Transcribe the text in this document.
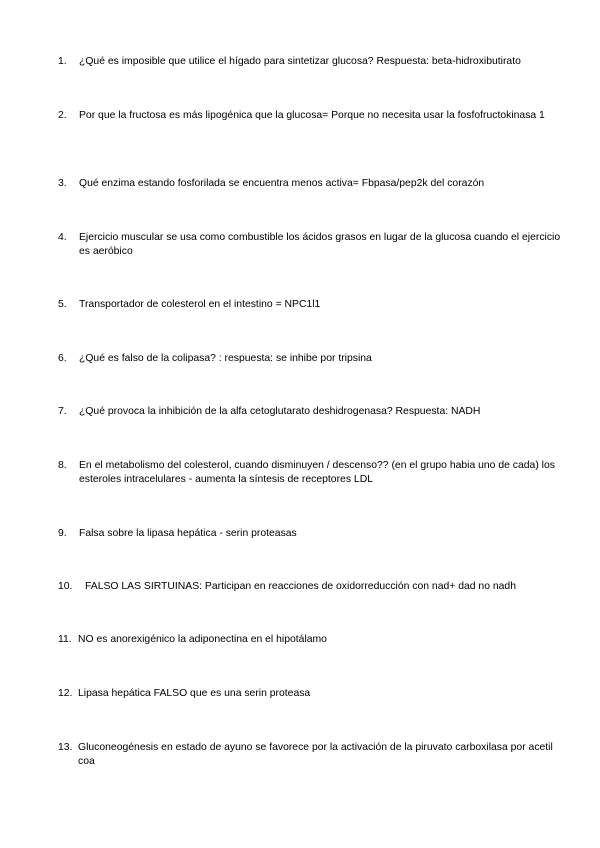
1. ¿Qué es imposible que utilice el hígado para sintetizar glucosa? Respuesta: beta-hidroxibutirato
2. Por que la fructosa es más lipogénica que la glucosa= Porque no necesita usar la fosfofructokinasa 1
3. Qué enzima estando fosforilada se encuentra menos activa= Fbpasa/pep2k del corazón
4. Ejercicio muscular se usa como combustible los ácidos grasos en lugar de la glucosa cuando el ejercicio es aeróbico
5. Transportador de colesterol en el intestino = NPC1l1
6. ¿Qué es falso de la colipasa? : respuesta: se inhibe por tripsina
7. ¿Qué provoca la inhibición de la alfa cetoglutarato deshidrogenasa? Respuesta: NADH
8. En el metabolismo del colesterol, cuando disminuyen / descenso?? (en el grupo habia uno de cada) los esteroles intracelulares - aumenta la síntesis de receptores LDL
9. Falsa sobre la lipasa hepática - serin proteasas
10. FALSO LAS SIRTUINAS: Participan en reacciones de oxidorreducción con nad+ dad no nadh
11. NO es anorexigénico la adiponectina en el hipotálamo
12. Lipasa hepática FALSO que es una serin proteasa
13. Gluconeogénesis en estado de ayuno se favorece por la activación de la piruvato carboxilasa por acetil coa
